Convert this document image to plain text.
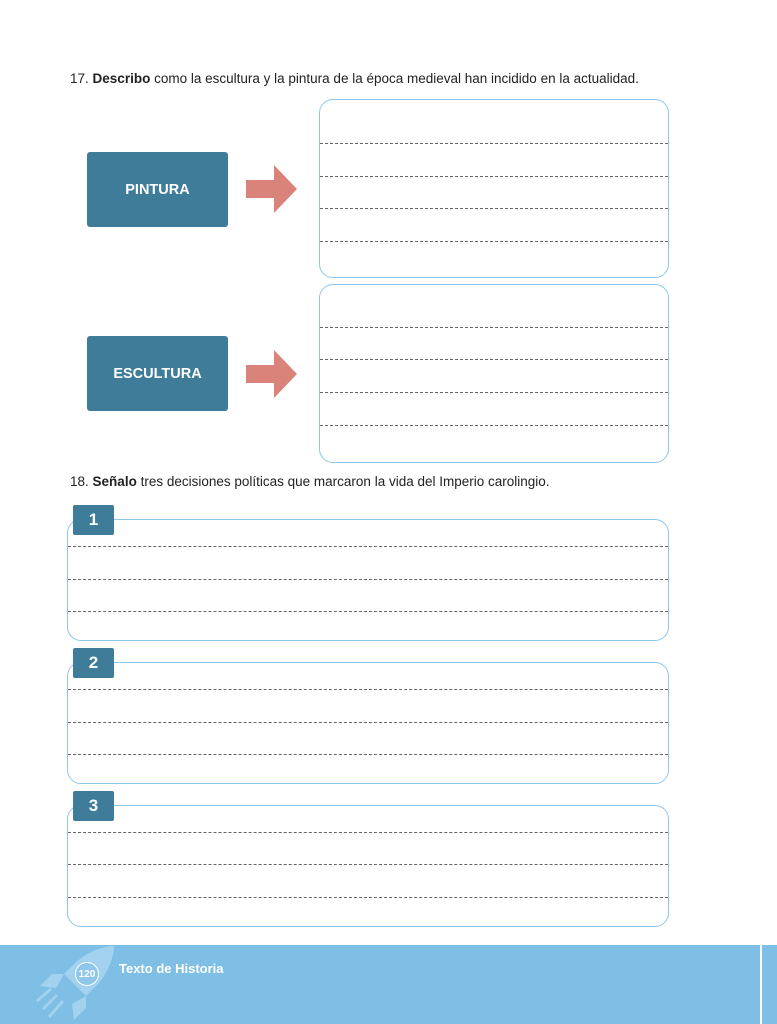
17. Describo como la escultura y la pintura de la época medieval han incidido en la actualidad.

PINTURA
ESCULTURA

18. Señalo tres decisiones políticas que marcaron la vida del Imperio carolingio.

1
2
3
120 Texto de Historia
